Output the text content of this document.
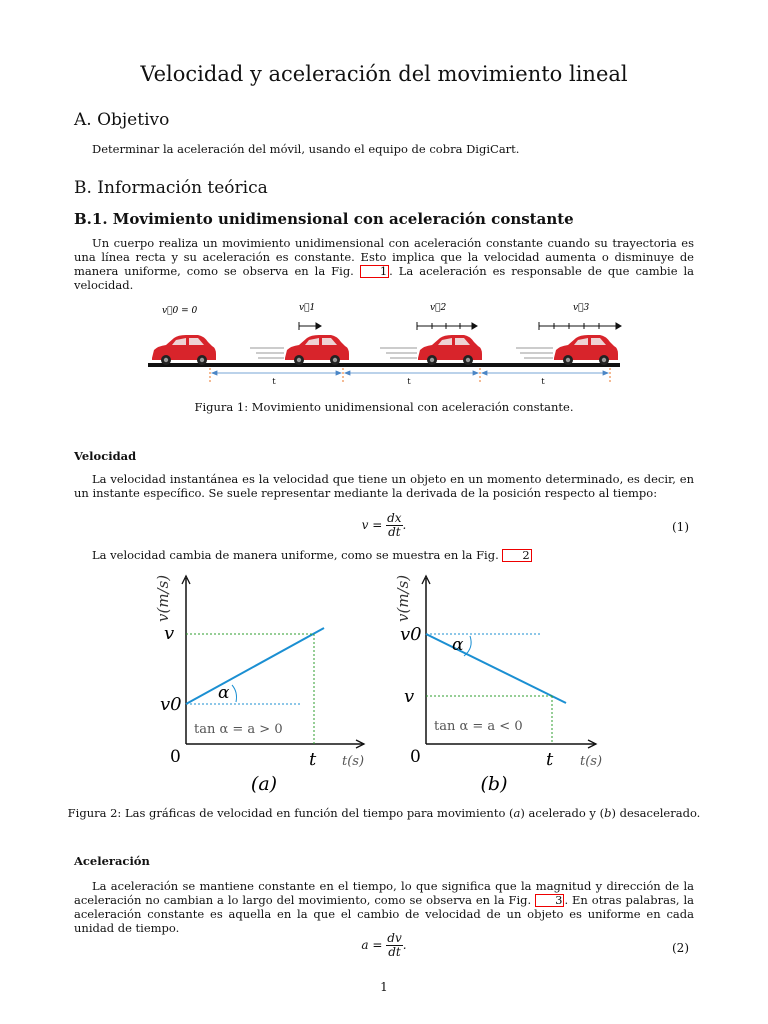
Velocidad y aceleración del movimiento lineal
A. Objetivo
Determinar la aceleración del móvil, usando el equipo de cobra DigiCart.
B. Información teórica
B.1. Movimiento unidimensional con aceleración constante
Un cuerpo realiza un movimiento unidimensional con aceleración constante cuando su trayectoria es una línea recta y su aceleración es constante. Esto implica que la velocidad aumenta o disminuye de manera uniforme, como se observa en la Fig. 1 . La aceleración es responsable de que cambie la velocidad.
v⃗0 = 0	v⃗1	v⃗2	v⃗3
t	t	t
Figura 1: Movimiento unidimensional con aceleración constante.
Velocidad
La velocidad instantánea es la velocidad que tiene un objeto en un momento determinado, es decir, en un instante específico. Se suele representar mediante la derivada de la posición respecto al tiempo:
$v = \frac{dx}{dt}$ .	(1)
La velocidad cambia de manera uniforme, como se muestra en la Fig. 2
v(m/s)
v
v0
0	t t(s)
α
tan α = a > 0
(a)
v(m/s)
v0
v
0	t t(s)
α
tan α = a < 0
(b)
Figura 2: Las gráficas de velocidad en función del tiempo para movimiento (a) acelerado y (b) desacelerado.
Aceleración
La aceleración se mantiene constante en el tiempo, lo que significa que la magnitud y dirección de la aceleración no cambian a lo largo del movimiento, como se observa en la Fig. 3 . En otras palabras, la aceleración constante es aquella en la que el cambio de velocidad de un objeto es uniforme en cada unidad de tiempo.
$a = \frac{dv}{dt}$ .	(2)
1
